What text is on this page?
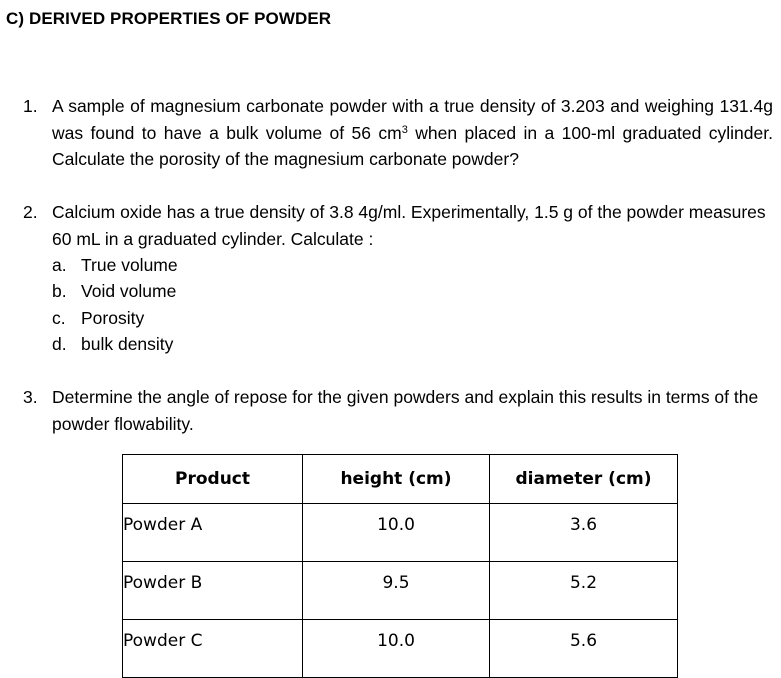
C) DERIVED PROPERTIES OF POWDER
1. A sample of magnesium carbonate powder with a true density of 3.203 and weighing 131.4g was found to have a bulk volume of 56 $cm^3$ when placed in a 100-ml graduated cylinder. Calculate the porosity of the magnesium carbonate powder?
2. Calcium oxide has a true density of 3.8 4g/ml. Experimentally, 1.5 g of the powder measures 60 mL in a graduated cylinder. Calculate :
a. True volume
b. Void volume
c. Porosity
d. bulk density
3. Determine the angle of repose for the given powders and explain this results in terms of the powder flowability.
Product	height (cm)	diameter (cm)
Powder A	10.0	3.6
Powder B	9.5	5.2
Powder C	10.0	5.6
